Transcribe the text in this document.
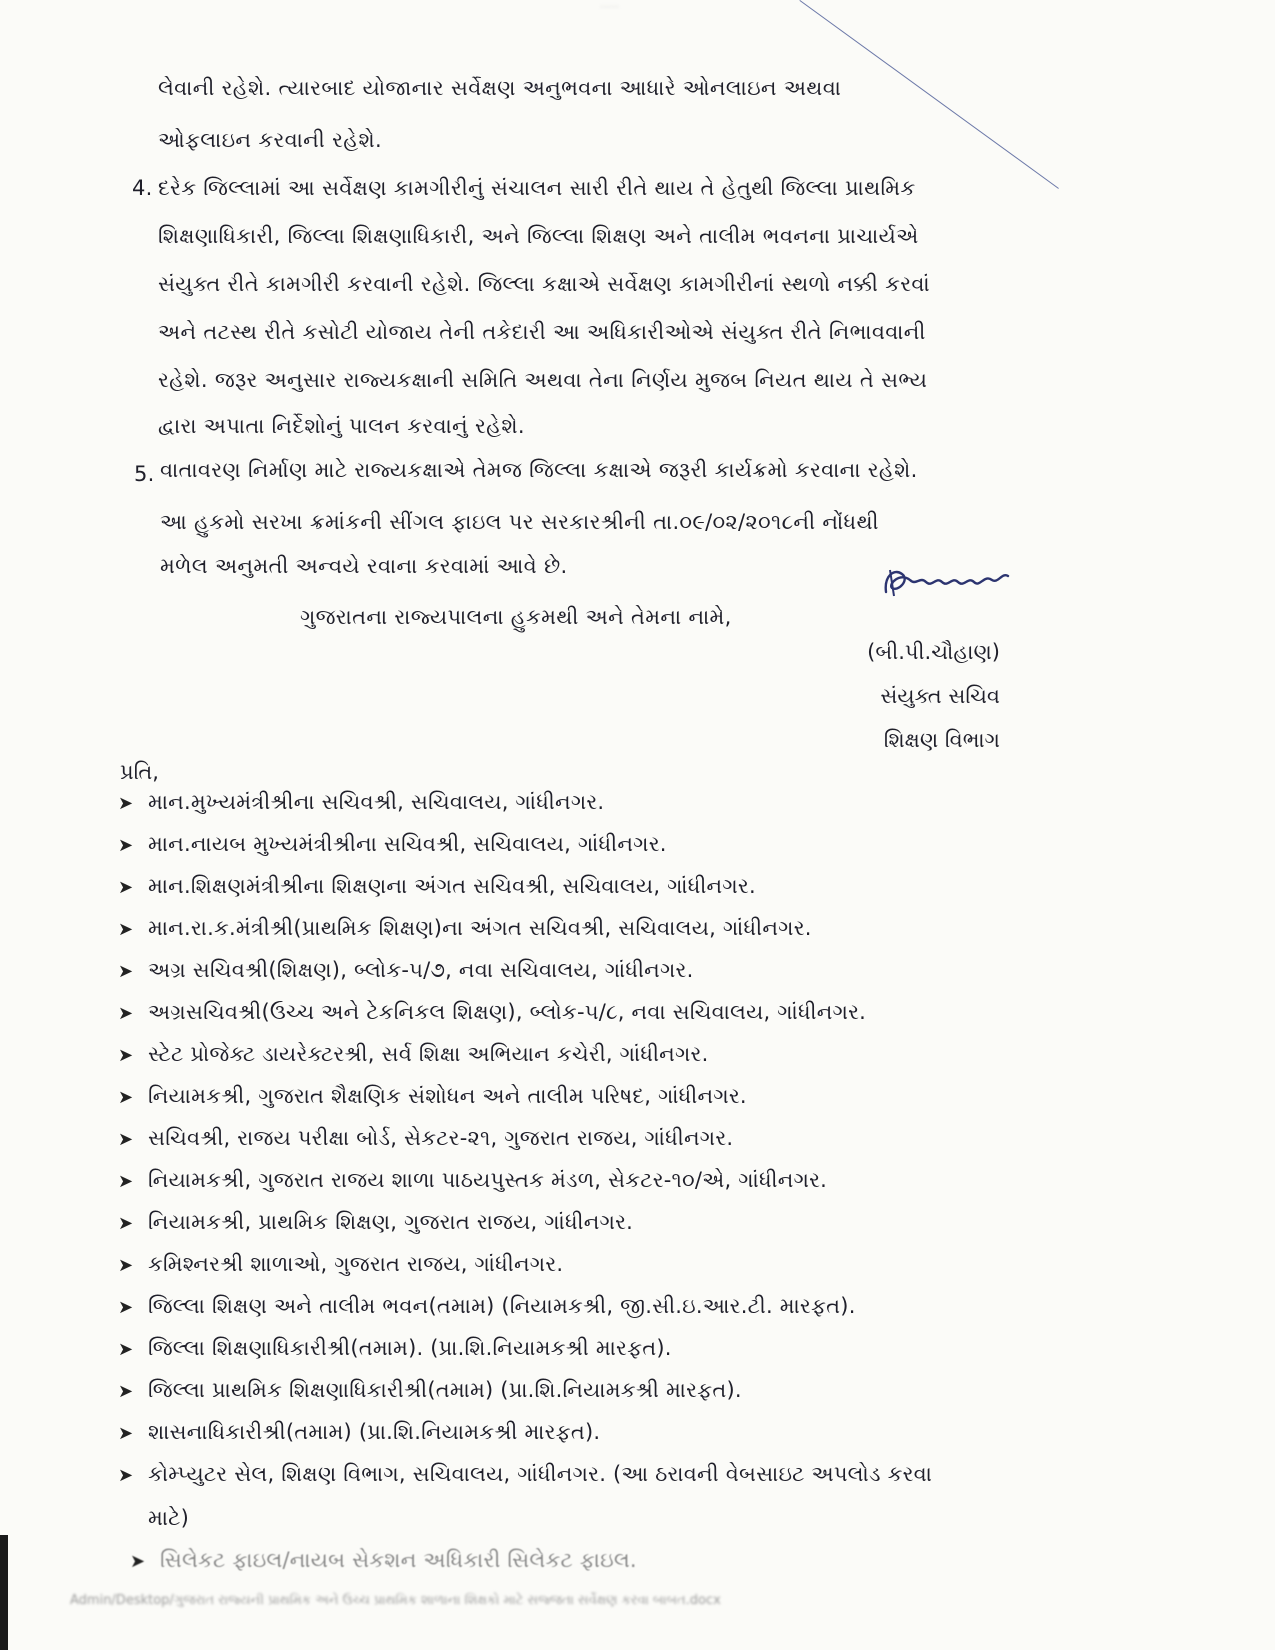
·····
લેવાની રહેશે. ત્યારબાદ યોજાનાર સર્વેક્ષણ અનુભવના આધારે ઓનલાઇન અથવા
ઓફલાઇન કરવાની રહેશે.
4. દરેક જિલ્લામાં આ સર્વેક્ષણ કામગીરીનું સંચાલન સારી રીતે થાય તે હેતુથી જિલ્લા પ્રાથમિક
શિક્ષણાધિકારી, જિલ્લા શિક્ષણાધિકારી, અને જિલ્લા શિક્ષણ અને તાલીમ ભવનના પ્રાચાર્યએ
સંયુક્ત રીતે કામગીરી કરવાની રહેશે. જિલ્લા કક્ષાએ સર્વેક્ષણ કામગીરીનાં સ્થળો નક્કી કરવાં
અને તટસ્થ રીતે કસોટી યોજાય તેની તકેદારી આ અધિકારીઓએ સંયુક્ત રીતે નિભાવવાની
રહેશે. જરૂર અનુસાર રાજ્યકક્ષાની સમિતિ અથવા તેના નિર્ણય મુજબ નિયત થાય તે સભ્ય
દ્વારા અપાતા નિર્દેશોનું પાલન કરવાનું રહેશે.
5. વાતાવરણ નિર્માણ માટે રાજ્યકક્ષાએ તેમજ જિલ્લા કક્ષાએ જરૂરી કાર્યક્રમો કરવાના રહેશે.
આ હુકમો સરખા ક્રમાંકની સીંગલ ફાઇલ પર સરકારશ્રીની તા.૦૯/૦૨/૨૦૧૮ની નોંધથી
મળેલ અનુમતી અન્વયે રવાના કરવામાં આવે છે.
ગુજરાતના રાજ્યપાલના હુકમથી અને તેમના નામે,
(બી.પી.ચૌહાણ)
સંયુક્ત સચિવ
શિક્ષણ વિભાગ
પ્રતિ,
➤ માન.મુખ્યમંત્રીશ્રીના સચિવશ્રી, સચિવાલય, ગાંધીનગર.
➤ માન.નાયબ મુખ્યમંત્રીશ્રીના સચિવશ્રી, સચિવાલય, ગાંધીનગર.
➤ માન.શિક્ષણમંત્રીશ્રીના શિક્ષણના અંગત સચિવશ્રી, સચિવાલય, ગાંધીનગર.
➤ માન.રા.ક.મંત્રીશ્રી(પ્રાથમિક શિક્ષણ)ના અંગત સચિવશ્રી, સચિવાલય, ગાંધીનગર.
➤ અગ્ર સચિવશ્રી(શિક્ષણ), બ્લોક-૫/૭, નવા સચિવાલય, ગાંધીનગર.
➤ અગ્રસચિવશ્રી(ઉચ્ચ અને ટેકનિકલ શિક્ષણ), બ્લોક-૫/૮, નવા સચિવાલય, ગાંધીનગર.
➤ સ્ટેટ પ્રોજેક્ટ ડાયરેક્ટરશ્રી, સર્વ શિક્ષા અભિયાન કચેરી, ગાંધીનગર.
➤ નિયામકશ્રી, ગુજરાત શૈક્ષણિક સંશોધન અને તાલીમ પરિષદ, ગાંધીનગર.
➤ સચિવશ્રી, રાજય પરીક્ષા બોર્ડ, સેકટર-૨૧, ગુજરાત રાજય, ગાંધીનગર.
➤ નિયામકશ્રી, ગુજરાત રાજય શાળા પાઠયપુસ્તક મંડળ, સેકટર-૧૦/એ, ગાંધીનગર.
➤ નિયામકશ્રી, પ્રાથમિક શિક્ષણ, ગુજરાત રાજય, ગાંધીનગર.
➤ કમિશ્નરશ્રી શાળાઓ, ગુજરાત રાજય, ગાંધીનગર.
➤ જિલ્લા શિક્ષણ અને તાલીમ ભવન(તમામ) (નિયામકશ્રી, જી.સી.ઇ.આર.ટી. મારફત).
➤ જિલ્લા શિક્ષણાધિકારીશ્રી(તમામ). (પ્રા.શિ.નિયામકશ્રી મારફત).
➤ જિલ્લા પ્રાથમિક શિક્ષણાધિકારીશ્રી(તમામ) (પ્રા.શિ.નિયામકશ્રી મારફત).
➤ શાસનાધિકારીશ્રી(તમામ) (પ્રા.શિ.નિયામકશ્રી મારફત).
➤ કોમ્પ્યુટર સેલ, શિક્ષણ વિભાગ, સચિવાલય, ગાંધીનગર. (આ ઠરાવની વેબસાઇટ અપલોડ કરવા
માટે)
➤ સિલેકટ ફાઇલ/નાયબ સેકશન અધિકારી સિલેકટ ફાઇલ.
Admin/Desktop/ગુજરાત રાજ્યની પ્રાથમિક અને ઉચ્ચ પ્રાથમિક શાળાના શિક્ષકો માટે સજ્જતા સર્વેક્ષણ કરવા બાબત.docx
